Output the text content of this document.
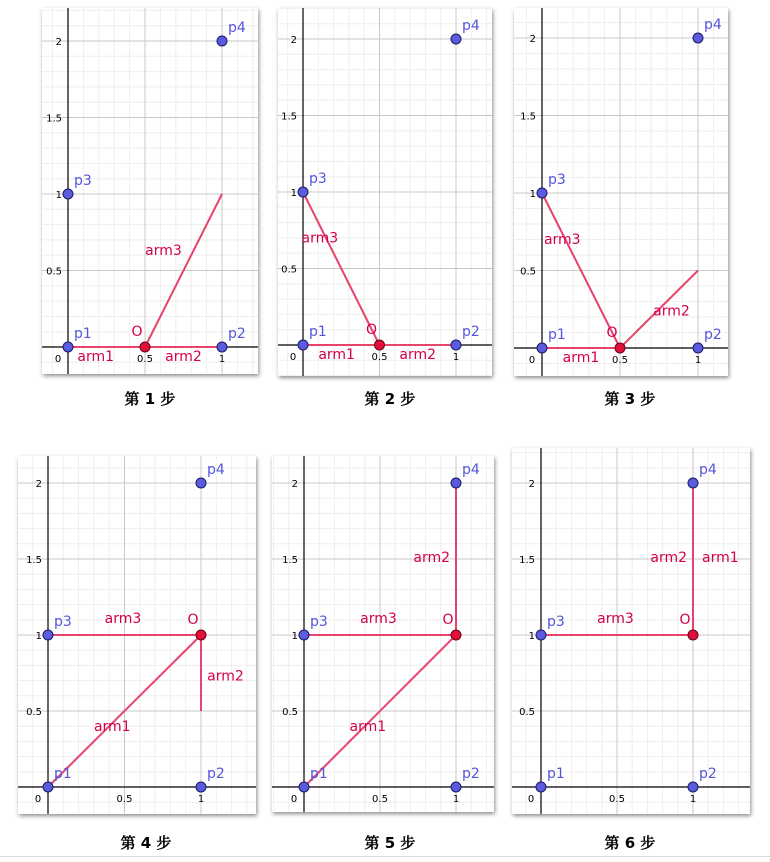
0	0.5	1
0.5
1
1.5
2
arm1	arm2
arm3
p1	p2
p3
p4
O
第 1 步
0	0.5	1
0.5
1
1.5
2
arm1	arm2
arm3
p1	p2
p3
p4
O
第 2 步
0	0.5	1
0.5
1
1.5
2
arm1
arm2
arm3
p1	p2
p3
p4
O
第 3 步
0	0.5	1
0.5
1
1.5
2
arm1
arm2
arm3
p1	p2
p3
p4
O
第 4 步
0	0.5	1
0.5
1
1.5
2
arm1
arm2
arm3
p1	p2
p3
p4
O
第 5 步
0	0.5	1
0.5
1
1.5
2
arm1
arm2
arm3
p1	p2
p3
p4
O
第 6 步
